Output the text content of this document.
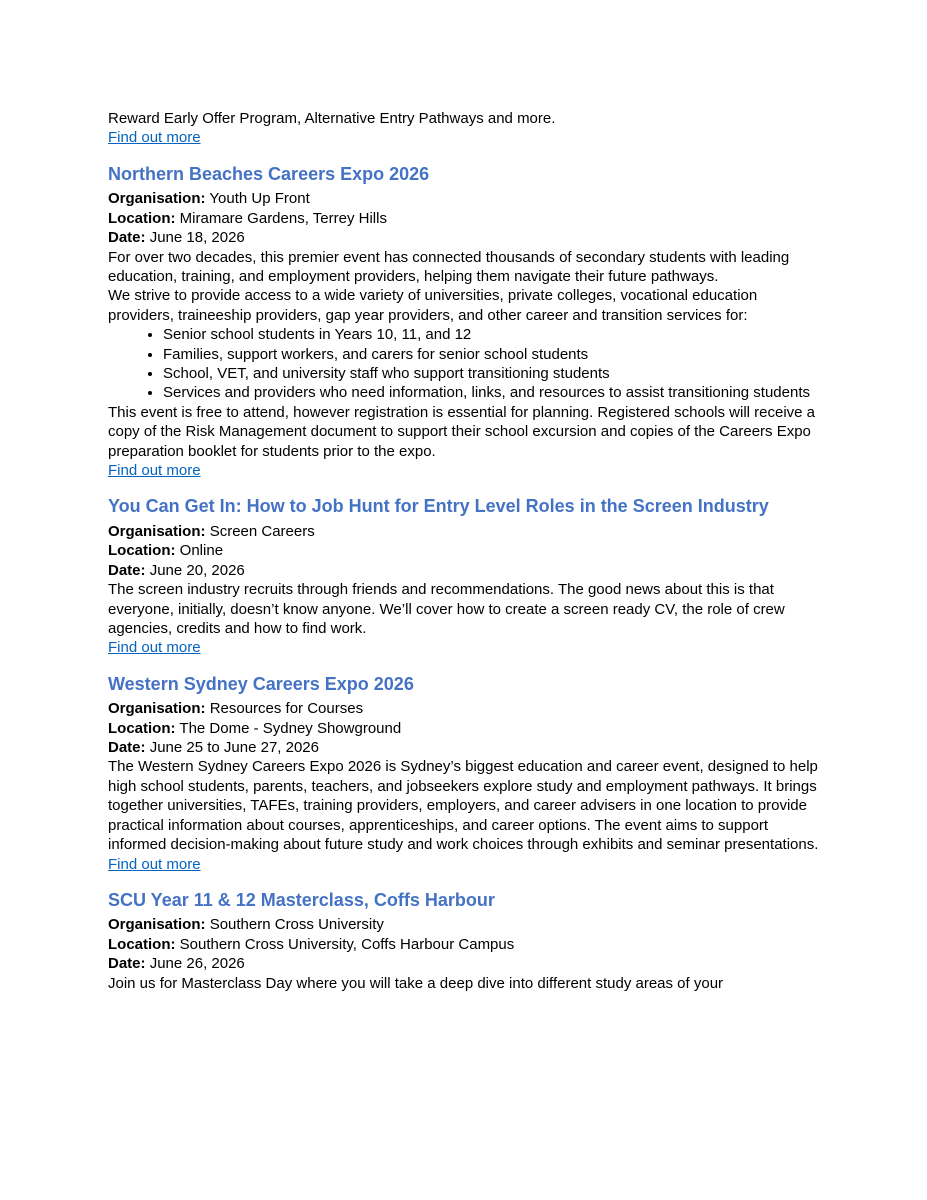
Reward Early Offer Program, Alternative Entry Pathways and more.

Find out more

Northern Beaches Careers Expo 2026

Organisation: Youth Up Front

Location: Miramare Gardens, Terrey Hills

Date: June 18, 2026

For over two decades, this premier event has connected thousands of secondary students with leading education, training, and employment providers, helping them navigate their future pathways.

We strive to provide access to a wide variety of universities, private colleges, vocational education providers, traineeship providers, gap year providers, and other career and transition services for:

• Senior school students in Years 10, 11, and 12
• Families, support workers, and carers for senior school students
• School, VET, and university staff who support transitioning students
• Services and providers who need information, links, and resources to assist transitioning students

This event is free to attend, however registration is essential for planning. Registered schools will receive a copy of the Risk Management document to support their school excursion and copies of the Careers Expo preparation booklet for students prior to the expo.

Find out more

You Can Get In: How to Job Hunt for Entry Level Roles in the Screen Industry

Organisation: Screen Careers

Location: Online

Date: June 20, 2026

The screen industry recruits through friends and recommendations. The good news about this is that everyone, initially, doesn’t know anyone. We’ll cover how to create a screen ready CV, the role of crew agencies, credits and how to find work.

Find out more

Western Sydney Careers Expo 2026

Organisation: Resources for Courses

Location: The Dome - Sydney Showground

Date: June 25 to June 27, 2026

The Western Sydney Careers Expo 2026 is Sydney’s biggest education and career event, designed to help high school students, parents, teachers, and jobseekers explore study and employment pathways. It brings together universities, TAFEs, training providers, employers, and career advisers in one location to provide practical information about courses, apprenticeships, and career options. The event aims to support informed decision-making about future study and work choices through exhibits and seminar presentations.

Find out more

SCU Year 11 & 12 Masterclass, Coffs Harbour

Organisation: Southern Cross University

Location: Southern Cross University, Coffs Harbour Campus

Date: June 26, 2026

Join us for Masterclass Day where you will take a deep dive into different study areas of your
